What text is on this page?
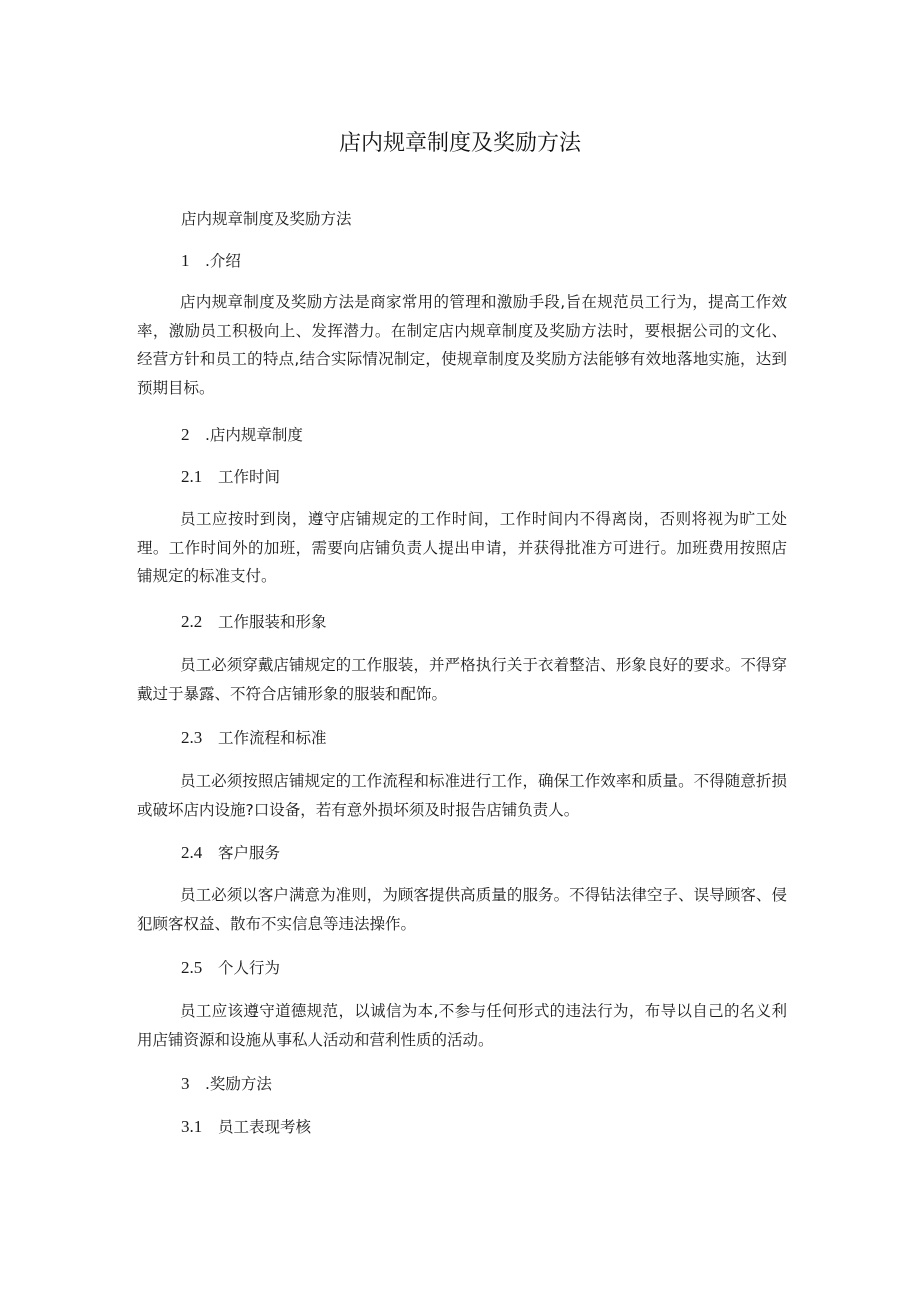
店内规章制度及奖励方法
店内规章制度及奖励方法
1 .介绍
店内规章制度及奖励方法是商家常用的管理和激励手段,旨在规范员工行为，提高工作效率，激励员工积极向上、发挥潜力。在制定店内规章制度及奖励方法时，要根据公司的文化、经营方针和员工的特点,结合实际情况制定，使规章制度及奖励方法能够有效地落地实施，达到预期目标。
2 .店内规章制度
2.1 工作时间
员工应按时到岗，遵守店铺规定的工作时间，工作时间内不得离岗，否则将视为旷工处理。工作时间外的加班，需要向店铺负责人提出申请，并获得批准方可进行。加班费用按照店铺规定的标准支付。
2.2 工作服装和形象
员工必须穿戴店铺规定的工作服装，并严格执行关于衣着整洁、形象良好的要求。不得穿戴过于暴露、不符合店铺形象的服装和配饰。
2.3 工作流程和标准
员工必须按照店铺规定的工作流程和标准进行工作，确保工作效率和质量。不得随意折损或破坏店内设施?口设备，若有意外损坏须及时报告店铺负责人。
2.4 客户服务
员工必须以客户满意为准则，为顾客提供高质量的服务。不得钻法律空子、误导顾客、侵犯顾客权益、散布不实信息等违法操作。
2.5 个人行为
员工应该遵守道德规范，以诚信为本,不参与任何形式的违法行为，布导以自己的名义利用店铺资源和设施从事私人活动和营利性质的活动。
3 .奖励方法
3.1 员工表现考核
